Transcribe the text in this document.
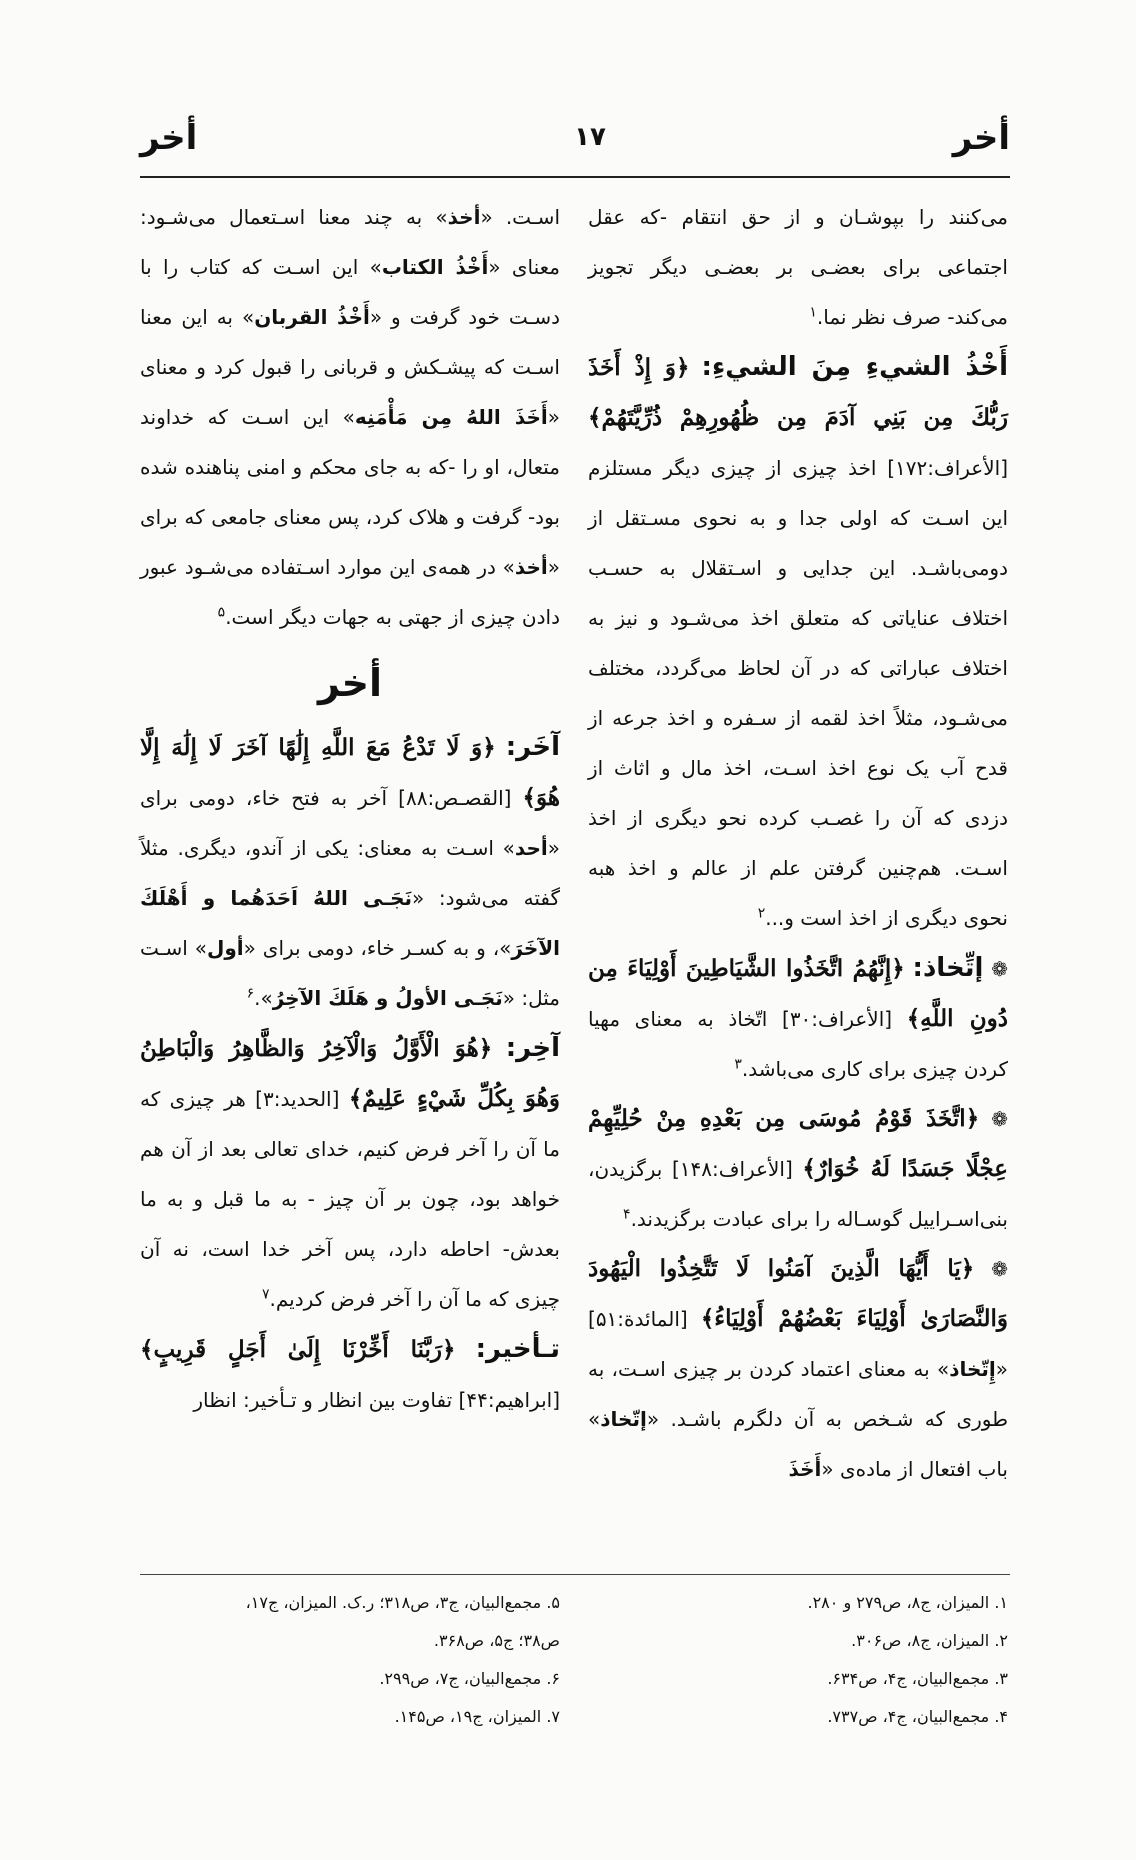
أخر	۱۷	أخر

می‌کنند را بپوشـان و از حق انتقام -که عقل اجتماعی برای بعضـی بر بعضـی دیگر تجویز می‌کند- صرف نظر نما.$^۱$

أَخْذُ الشيءِ مِنَ الشيءِ: ﴿وَ إِذْ أَخَذَ رَبُّكَ مِن بَنِي آدَمَ مِن ظُهُورِهِمْ ذُرِّيَّتَهُمْ﴾ [الأعراف:۱۷۲] اخذ چیزی از چیزی دیگر مستلزم این اسـت که اولی جدا و به نحوی مسـتقل از دومی‌باشـد. این جدایی و اسـتقلال به حسـب اختلاف عنایاتی که متعلق اخذ می‌شـود و نیز به اختلاف عباراتی که در آن لحاظ می‌گردد، مختلف می‌شـود، مثلاً اخذ لقمه از سـفره و اخذ جرعه از قدح آب یک نوع اخذ اسـت، اخذ مال و اثاث از دزدی که آن را غصـب کرده نحو دیگری از اخذ اسـت. هم‌چنین گرفتن علم از عالم و اخذ هبه نحوی دیگری از اخذ است و...$^۲$

❁ إتِّخاذ: ﴿إِنَّهُمُ اتَّخَذُوا الشَّيَاطِينَ أَوْلِيَاءَ مِن دُونِ اللَّهِ﴾ [الأعراف:۳۰] اتّخاذ به معنای مهیا کردن چیزی برای کاری می‌باشد.$^۳$

❁ ﴿اتَّخَذَ قَوْمُ مُوسَى مِن بَعْدِهِ مِنْ حُلِيِّهِمْ عِجْلًا جَسَدًا لَهُ خُوَارٌ﴾ [الأعراف:۱۴۸] برگزیدن، بنی‌اسـراییل گوسـاله را برای عبادت برگزیدند.$^۴$

❁ ﴿يَا أَيُّهَا الَّذِينَ آمَنُوا لَا تَتَّخِذُوا الْيَهُودَ وَالنَّصَارَىٰ أَوْلِيَاءَ بَعْضُهُمْ أَوْلِيَاءُ﴾ [المائدة:۵۱] «إِتّخاذ» به معنای اعتماد کردن بر چیزی اسـت، به طوری که شـخص به آن دلگرم باشـد. «إتّخاذ» باب افتعال از ماده‌ی «أَخَذَ

اسـت. «أخذ» به چند معنا اسـتعمال می‌شـود: معنای «أَخْذُ الكتاب» این اسـت که کتاب را با دسـت خود گرفت و «أَخْذُ القربان» به این معنا اسـت که پیشـکش و قربانی را قبول کرد و معنای «أَخَذَ اللهُ مِن مَأْمَنِه» این اسـت که خداوند متعال، او را -که به جای محکم و امنی پناهنده شده بود- گرفت و هلاک کرد، پس معنای جامعی که برای «أخذ» در همه‌ی این موارد اسـتفاده می‌شـود عبور دادن چیزی از جهتی به جهات دیگر است.$^۵$

أخر

آخَر: ﴿وَ لَا تَدْعُ مَعَ اللَّهِ إِلَٰهًا آخَرَ لَا إِلَٰهَ إِلَّا هُوَ﴾ [القصـص:۸۸] آخر به فتح خاء، دومی برای «أحد» اسـت به معنای: یکی از آندو، دیگری. مثلاً گفته می‌شود: «نَجَـى اللهُ اَحَدَهُما و أَهْلَكَ الآخَرَ»، و به کسـر خاء، دومی برای «أول» اسـت مثل: «نَجَـى الأولُ و هَلَكَ الآخِرُ».$^۶$

آخِر: ﴿هُوَ الْأَوَّلُ وَالْآخِرُ وَالظَّاهِرُ وَالْبَاطِنُ وَهُوَ بِكُلِّ شَيْءٍ عَلِيمٌ﴾ [الحديد:۳] هر چیزی که ما آن را آخر فرض کنیم، خدای تعالی بعد از آن هم خواهد بود، چون بر آن چیز - به ما قبل و به ما بعدش- احاطه دارد، پس آخر خدا است، نه آن چیزی که ما آن را آخر فرض کردیم.$^۷$

تـأخیر: ﴿رَبَّنَا أَخِّرْنَا إِلَىٰ أَجَلٍ قَرِيبٍ﴾ [ابراهیم:۴۴] تفاوت بین انظار و تـأخیر: انظار

۱. المیزان، ج۸، ص۲۷۹ و ۲۸۰.
۲. المیزان، ج۸، ص۳۰۶.
۳. مجمع‌البیان، ج۴، ص۶۳۴.
۴. مجمع‌البیان، ج۴، ص۷۳۷.
۵. مجمع‌البیان، ج۳، ص۳۱۸؛ ر.ک. المیزان، ج۱۷،
ص۳۸؛ ج۵، ص۳۶۸.
۶. مجمع‌البیان، ج۷، ص۲۹۹.
۷. المیزان، ج۱۹، ص۱۴۵.
